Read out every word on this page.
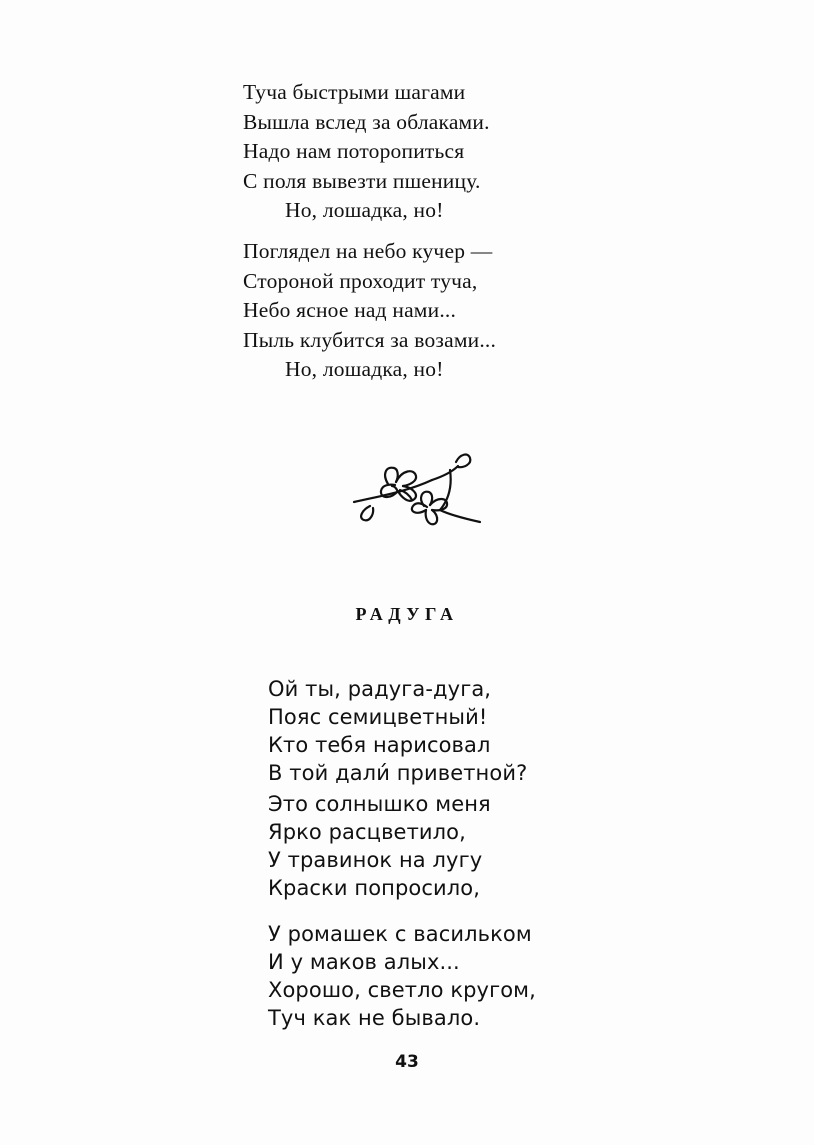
Туча быстрыми шагами
Вышла вслед за облаками.
Надо нам поторопиться
С поля вывезти пшеницу.
Но, лошадка, но!
Поглядел на небо кучер —
Стороной проходит туча,
Небо ясное над нами...
Пыль клубится за возами...
Но, лошадка, но!
РАДУГА
Ой ты, радуга-дуга,
Пояс семицветный!
Кто тебя нарисовал
В той дали́ приветной?
Это солнышко меня
Ярко расцветило,
У травинок на лугу
Краски попросило,
У ромашек с васильком
И у маков алых...
Хорошо, светло кругом,
Туч как не бывало.
43
